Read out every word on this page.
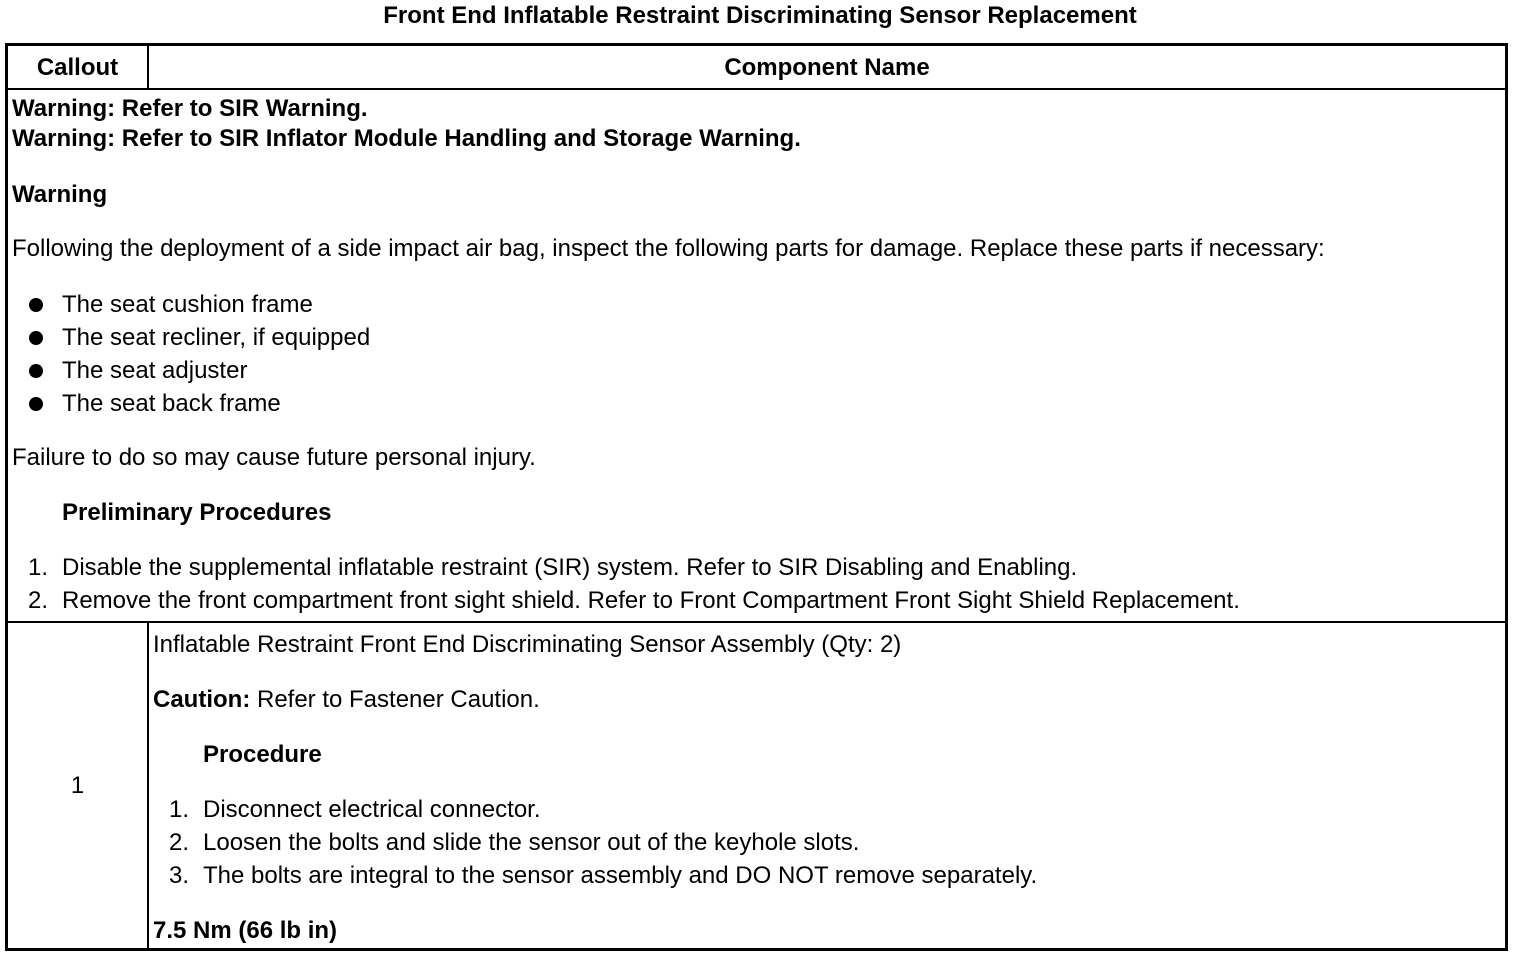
Front End Inflatable Restraint Discriminating Sensor Replacement
Callout	Component Name
Warning: Refer to SIR Warning.
Warning: Refer to SIR Inflator Module Handling and Storage Warning.
Warning
Following the deployment of a side impact air bag, inspect the following parts for damage. Replace these parts if necessary:
The seat cushion frame
The seat recliner, if equipped
The seat adjuster
The seat back frame
Failure to do so may cause future personal injury.
Preliminary Procedures
1. Disable the supplemental inflatable restraint (SIR) system. Refer to SIR Disabling and Enabling.
2. Remove the front compartment front sight shield. Refer to Front Compartment Front Sight Shield Replacement.
1
Inflatable Restraint Front End Discriminating Sensor Assembly (Qty: 2)
Caution: Refer to Fastener Caution.
Procedure
1. Disconnect electrical connector.
2. Loosen the bolts and slide the sensor out of the keyhole slots.
3. The bolts are integral to the sensor assembly and DO NOT remove separately.
7.5 Nm (66 lb in)
